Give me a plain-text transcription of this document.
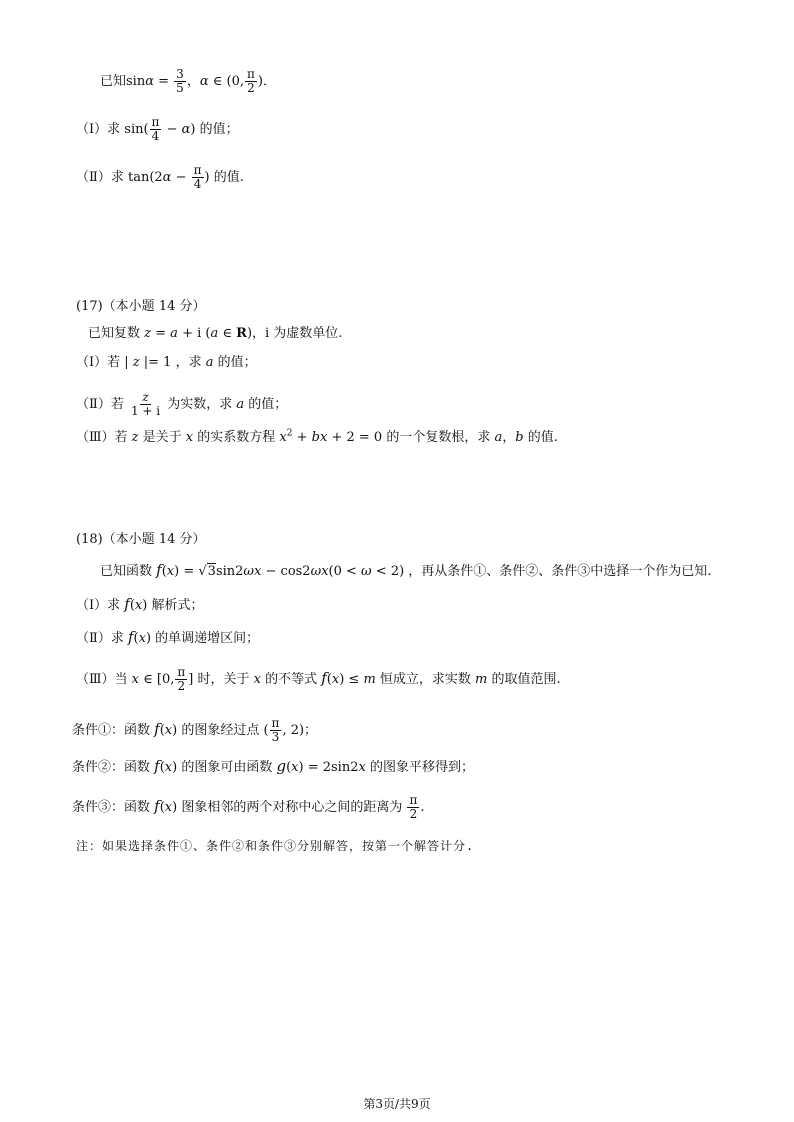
已知$\sin\alpha = \frac{3}{5}$ ，α ∈ (0, $\frac{\pi}{2}$ )．
（Ⅰ）求 $\sin( \frac{\pi}{4} - \alpha)$ 的值；
（Ⅱ）求 $\tan(2\alpha - \frac{\pi}{4}$ ) 的值.
(17)（本小题 14 分）
已知复数 z = a + i (a ∈ R)，i 为虚数单位.
（Ⅰ）若 | z |= 1 ，求 a 的值；
（Ⅱ）若 $\frac{z}{1 + i}$ 为实数，求 a 的值；
（Ⅲ）若 z 是关于 x 的实系数方程 $x^2$ + bx + 2 = 0 的一个复数根，求 a，b 的值.
(18)（本小题 14 分）
已知函数 f(x) = √3sin2ωx − cos2ωx(0 < ω < 2) ，再从条件①、条件②、条件③中选择一个作为已知.
（Ⅰ）求 f(x) 解析式；
（Ⅱ）求 f(x) 的单调递增区间；
（Ⅲ）当 x ∈ [0, $\frac{\pi}{2}$ ] 时，关于 x 的不等式 f(x) ≤ m 恒成立，求实数 m 的取值范围.
条件①：函数 f(x) 的图象经过点 ( $\frac{\pi}{3}$ , 2)；
条件②：函数 f(x) 的图象可由函数 g(x) = 2sin2x 的图象平移得到；
条件③：函数 f(x) 图象相邻的两个对称中心之间的距离为 $\frac{\pi}{2}$ .
注：如果选择条件①、条件②和条件③分别解答，按第一个解答计分.
第3页/共9页
